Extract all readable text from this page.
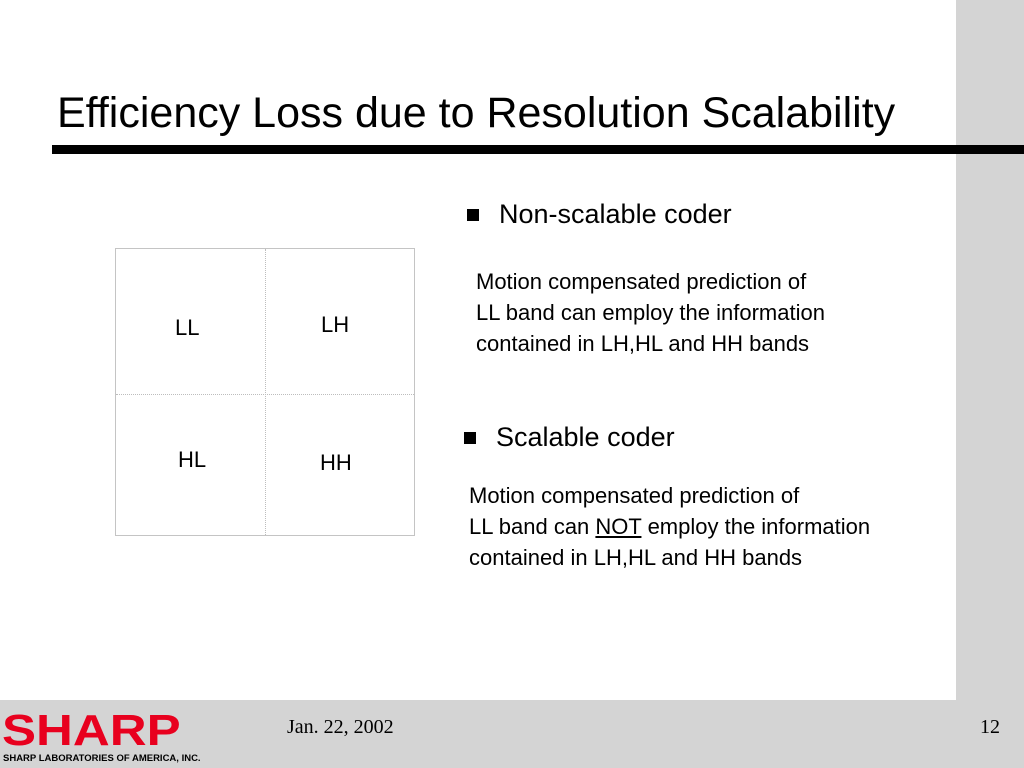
Efficiency Loss due to Resolution Scalability
LL	LH
HL	HH
Non-scalable coder
Motion compensated prediction of
LL band can employ the information
contained in LH,HL and HH bands
Scalable coder
Motion compensated prediction of
LL band can NOT employ the information
contained in LH,HL and HH bands
SHARP
SHARP LABORATORIES OF AMERICA, INC.
Jan. 22, 2002	12
